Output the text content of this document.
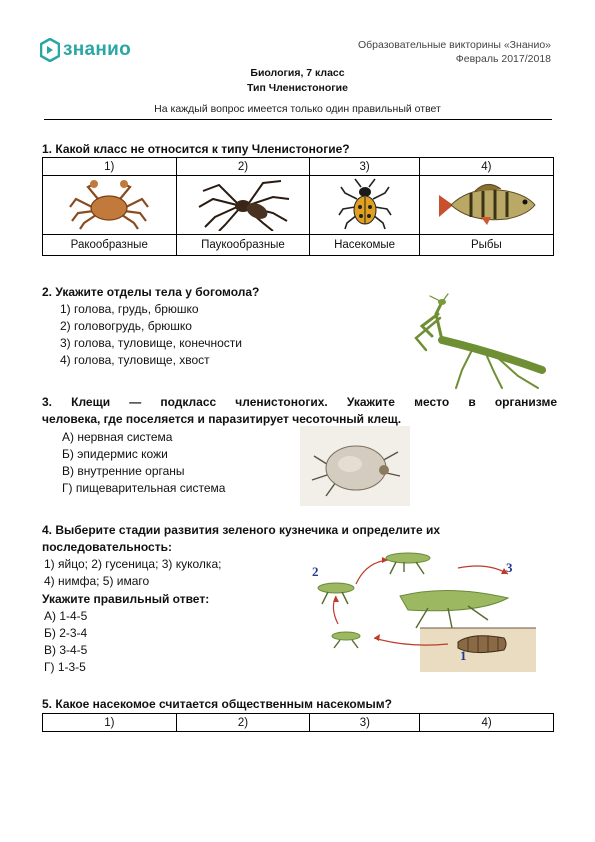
знанио	Образовательные викторины «Знанио»
Февраль 2017/2018
Биология, 7 класс
Тип Членистоногие
На каждый вопрос имеется только один правильный ответ
1. Какой класс не относится к типу Членистоногие?
1)	2)	3)	4)

Ракообразные	Паукообразные	Насекомые	Рыбы
2. Укажите отделы тела у богомола?
1) голова, грудь, брюшко
2) головогрудь, брюшко
3) голова, туловище, конечности
4) голова, туловище, хвост
3. Клещи — подкласс членистоногих. Укажите место в организме
человека, где поселяется и паразитирует чесоточный клещ.
А) нервная система
Б) эпидермис кожи
В) внутренние органы
Г) пищеварительная система
4. Выберите стадии развития зеленого кузнечика и определите их
последовательность:
1) яйцо; 2) гусеница; 3) куколка;
4) нимфа; 5) имаго
Укажите правильный ответ:
А) 1-4-5
Б) 2-3-4
В) 3-4-5
Г) 1-3-5
2	3
1
5. Какое насекомое считается общественным насекомым?
1)	2)	3)	4)
